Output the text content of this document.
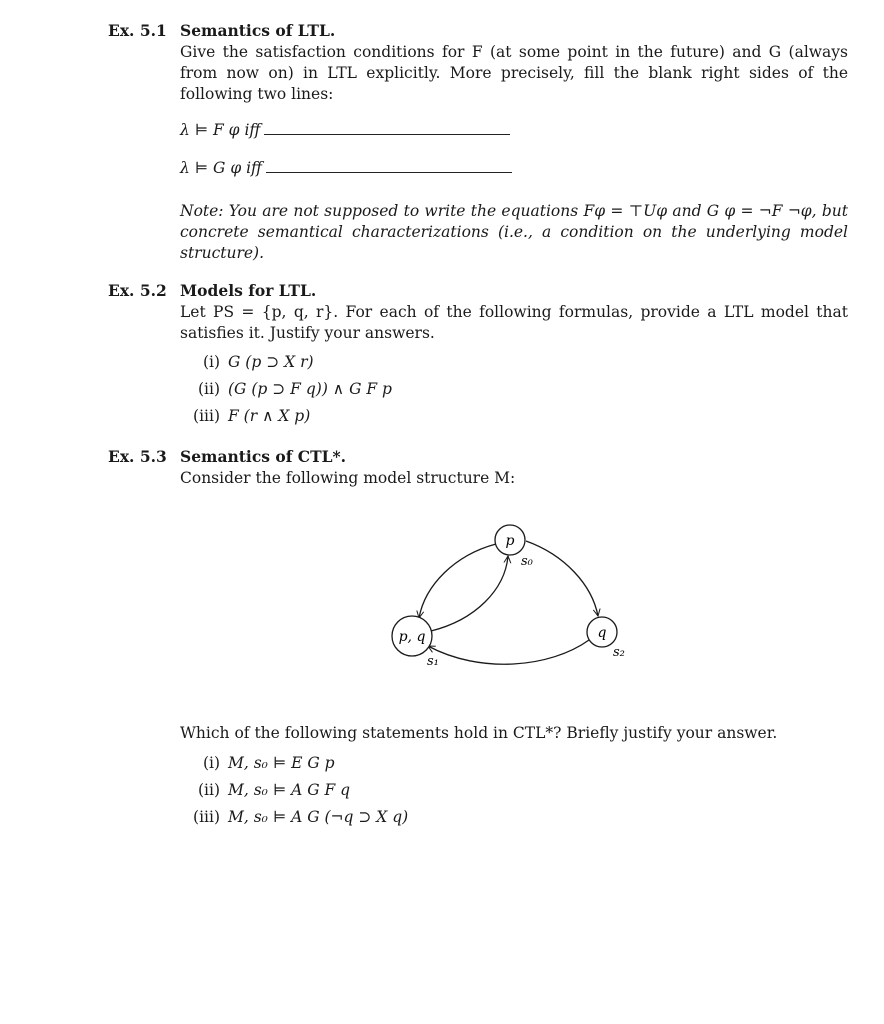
Ex. 5.1 Semantics of LTL.
Give the satisfaction conditions for F (at some point in the future) and G (always from now on) in LTL explicitly. More precisely, fill the blank right sides of the following two lines:
λ ⊨ F φ iff
λ ⊨ G φ iff
Note: You are not supposed to write the equations Fφ = ⊤Uφ and G φ = ¬F ¬φ, but concrete semantical characterizations (i.e., a condition on the underlying model structure).
Ex. 5.2 Models for LTL.
Let PS = {p, q, r}. For each of the following formulas, provide a LTL model that satisfies it. Justify your answers.
(i) G (p ⊃ X r)
(ii) (G (p ⊃ F q)) ∧ G F p
(iii) F (r ∧ X p)
Ex. 5.3 Semantics of CTL*.
Consider the following model structure M:
p
s₀
p, q
s₁
q
s₂
Which of the following statements hold in CTL*? Briefly justify your answer.
(i) M, s₀ ⊨ E G p
(ii) M, s₀ ⊨ A G F q
(iii) M, s₀ ⊨ A G (¬q ⊃ X q)
